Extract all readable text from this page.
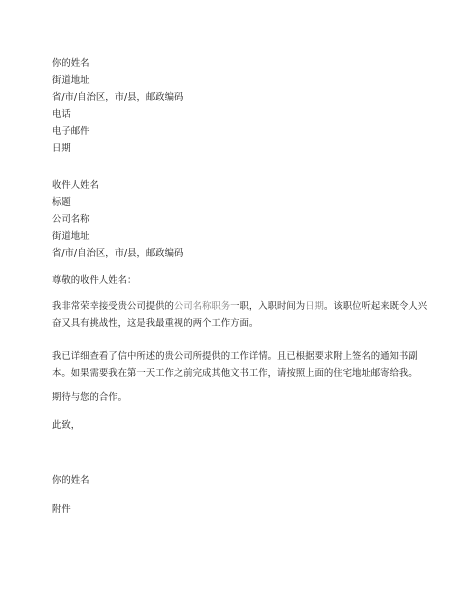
你的姓名
街道地址
省/市/自治区，市/县，邮政编码
电话
电子邮件
日期
收件人姓名
标题
公司名称
街道地址
省/市/自治区，市/县，邮政编码
尊敬的收件人姓名：
我非常荣幸接受贵公司提供的公司名称职务一职，入职时间为日期。该职位听起来既令人兴奋又具有挑战性，这是我最重视的两个工作方面。
我已详细查看了信中所述的贵公司所提供的工作详情。且已根据要求附上签名的通知书副本。如果需要我在第一天工作之前完成其他文书工作，请按照上面的住宅地址邮寄给我。
期待与您的合作。
此致，
你的姓名
附件
